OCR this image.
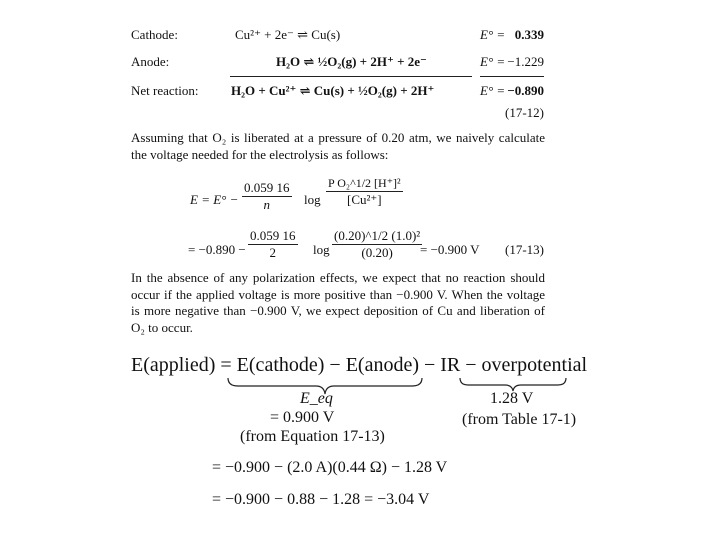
Cathode:	Cu²⁺ + 2e⁻ ⇌ Cu(s)	E° = 0.339
Anode:	H₂O ⇌ ½O₂(g) + 2H⁺ + 2e⁻	E° = −1.229
Net reaction:	H₂O + Cu²⁺ ⇌ Cu(s) + ½O₂(g) + 2H⁺	E° = −0.890
(17-12)
Assuming that O₂ is liberated at a pressure of 0.20 atm, we naively calculate the voltage needed for the electrolysis as follows:
$E = E^\circ - \frac{0.059 16}{n}$ $\log \frac{\text{P O₂\textasciicircum{}1/2 [H⁺]²}}{\text{[Cu²⁺]}}$
= $-0.890 - \frac{0.059 16}{2}$ $\log \frac{\text{(0.20)\textasciicircum{}1/2 (1.0)²}}{(0.20)}$
= −0.900 V (17-13)
In the absence of any polarization effects, we expect that no reaction should occur if the applied voltage is more positive than −0.900 V. When the voltage is more negative than −0.900 V, we expect deposition of Cu and liberation of O₂ to occur.
E(applied) = E(cathode) − E(anode) − IR − overpotential
E_eq
= 0.900 V
(from Equation 17-13)
1.28 V
(from Table 17-1)
= −0.900 − (2.0 A)(0.44 Ω) − 1.28 V
= −0.900 − 0.88 − 1.28 = −3.04 V
